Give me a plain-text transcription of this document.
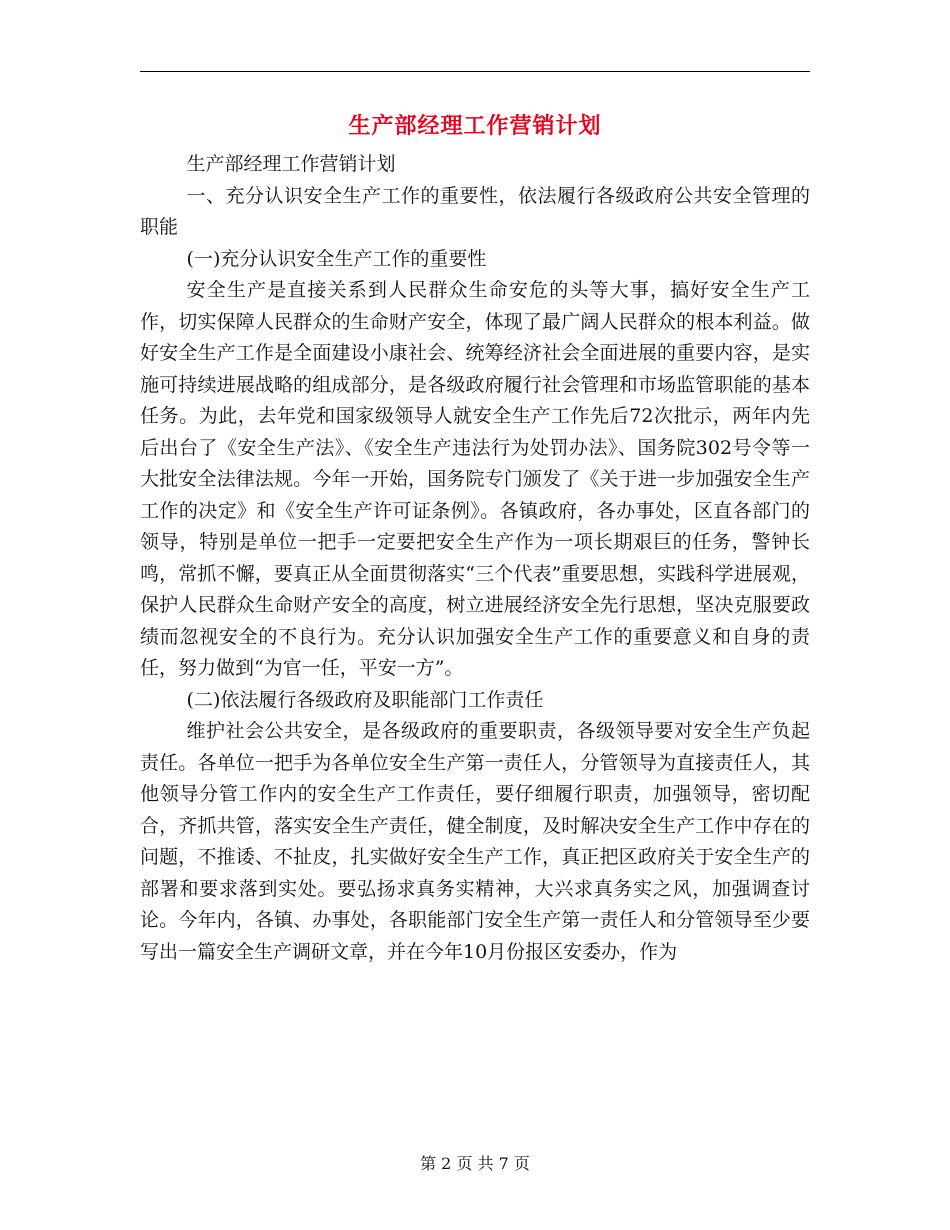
生产部经理工作营销计划

生产部经理工作营销计划

一、充分认识安全生产工作的重要性，依法履行各级政府公共安全管理的职能

(一)充分认识安全生产工作的重要性

安全生产是直接关系到人民群众生命安危的头等大事，搞好安全生产工作，切实保障人民群众的生命财产安全，体现了最广阔人民群众的根本利益。做好安全生产工作是全面建设小康社会、统筹经济社会全面进展的重要内容，是实施可持续进展战略的组成部分，是各级政府履行社会管理和市场监管职能的基本任务。为此，去年党和国家级领导人就安全生产工作先后72次批示，两年内先后出台了《安全生产法》、《安全生产违法行为处罚办法》、国务院302号令等一大批安全法律法规。今年一开始，国务院专门颁发了《关于进一步加强安全生产工作的决定》和《安全生产许可证条例》。各镇政府，各办事处，区直各部门的领导，特别是单位一把手一定要把安全生产作为一项长期艰巨的任务，警钟长鸣，常抓不懈，要真正从全面贯彻落实“三个代表”重要思想，实践科学进展观，保护人民群众生命财产安全的高度，树立进展经济安全先行思想，坚决克服要政绩而忽视安全的不良行为。充分认识加强安全生产工作的重要意义和自身的责任，努力做到“为官一任，平安一方”。

(二)依法履行各级政府及职能部门工作责任

维护社会公共安全，是各级政府的重要职责，各级领导要对安全生产负起责任。各单位一把手为各单位安全生产第一责任人，分管领导为直接责任人，其他领导分管工作内的安全生产工作责任，要仔细履行职责，加强领导，密切配合，齐抓共管，落实安全生产责任，健全制度，及时解决安全生产工作中存在的问题，不推诿、不扯皮，扎实做好安全生产工作，真正把区政府关于安全生产的部署和要求落到实处。要弘扬求真务实精神，大兴求真务实之风，加强调查讨论。今年内，各镇、办事处，各职能部门安全生产第一责任人和分管领导至少要写出一篇安全生产调研文章，并在今年10月份报区安委办，作为

第 2 页 共 7 页
